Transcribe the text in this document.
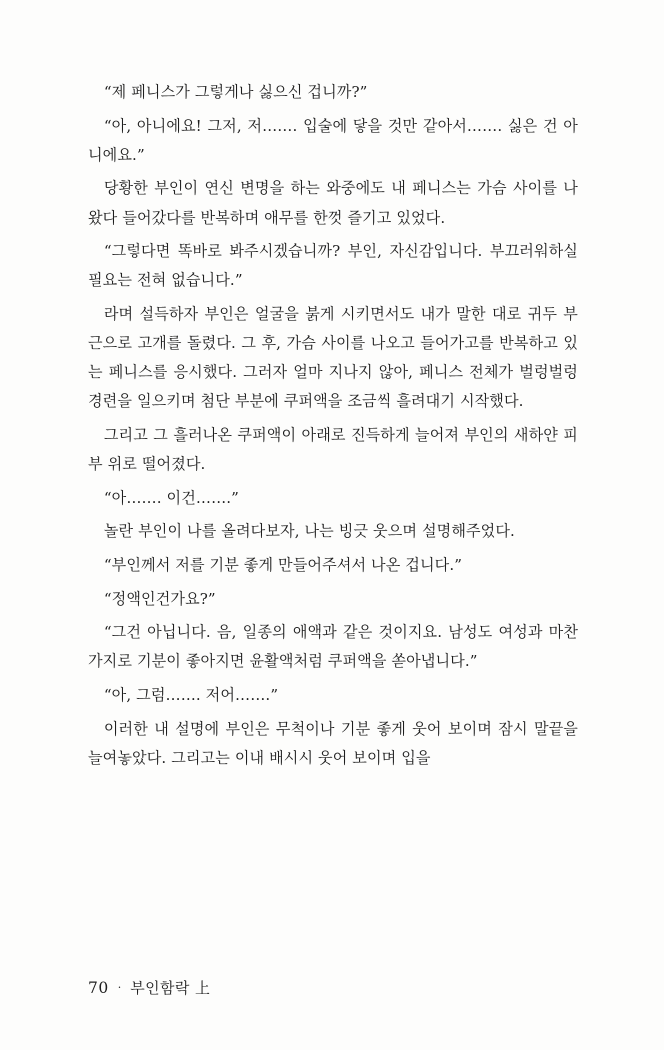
“제 페니스가 그렇게나 싫으신 겁니까?”

“아, 아니에요! 그저, 저……. 입술에 닿을 것만 같아서……. 싫은 건 아니에요.”

당황한 부인이 연신 변명을 하는 와중에도 내 페니스는 가슴 사이를 나왔다 들어갔다를 반복하며 애무를 한껏 즐기고 있었다.

“그렇다면 똑바로 봐주시겠습니까? 부인, 자신감입니다. 부끄러워하실 필요는 전혀 없습니다.”

라며 설득하자 부인은 얼굴을 붉게 시키면서도 내가 말한 대로 귀두 부근으로 고개를 돌렸다. 그 후, 가슴 사이를 나오고 들어가고를 반복하고 있는 페니스를 응시했다. 그러자 얼마 지나지 않아, 페니스 전체가 벌렁벌렁 경련을 일으키며 첨단 부분에 쿠퍼액을 조금씩 흘려대기 시작했다.

그리고 그 흘러나온 쿠퍼액이 아래로 진득하게 늘어져 부인의 새하얀 피부 위로 떨어졌다.

“아……. 이건…….”

놀란 부인이 나를 올려다보자, 나는 빙긋 웃으며 설명해주었다.

“부인께서 저를 기분 좋게 만들어주셔서 나온 겁니다.”

“정액인건가요?”

“그건 아닙니다. 음, 일종의 애액과 같은 것이지요. 남성도 여성과 마찬가지로 기분이 좋아지면 윤활액처럼 쿠퍼액을 쏟아냅니다.”

“아, 그럼……. 저어…….”

이러한 내 설명에 부인은 무척이나 기분 좋게 웃어 보이며 잠시 말끝을 늘여놓았다. 그리고는 이내 배시시 웃어 보이며 입을

70 · 부인함락 上
